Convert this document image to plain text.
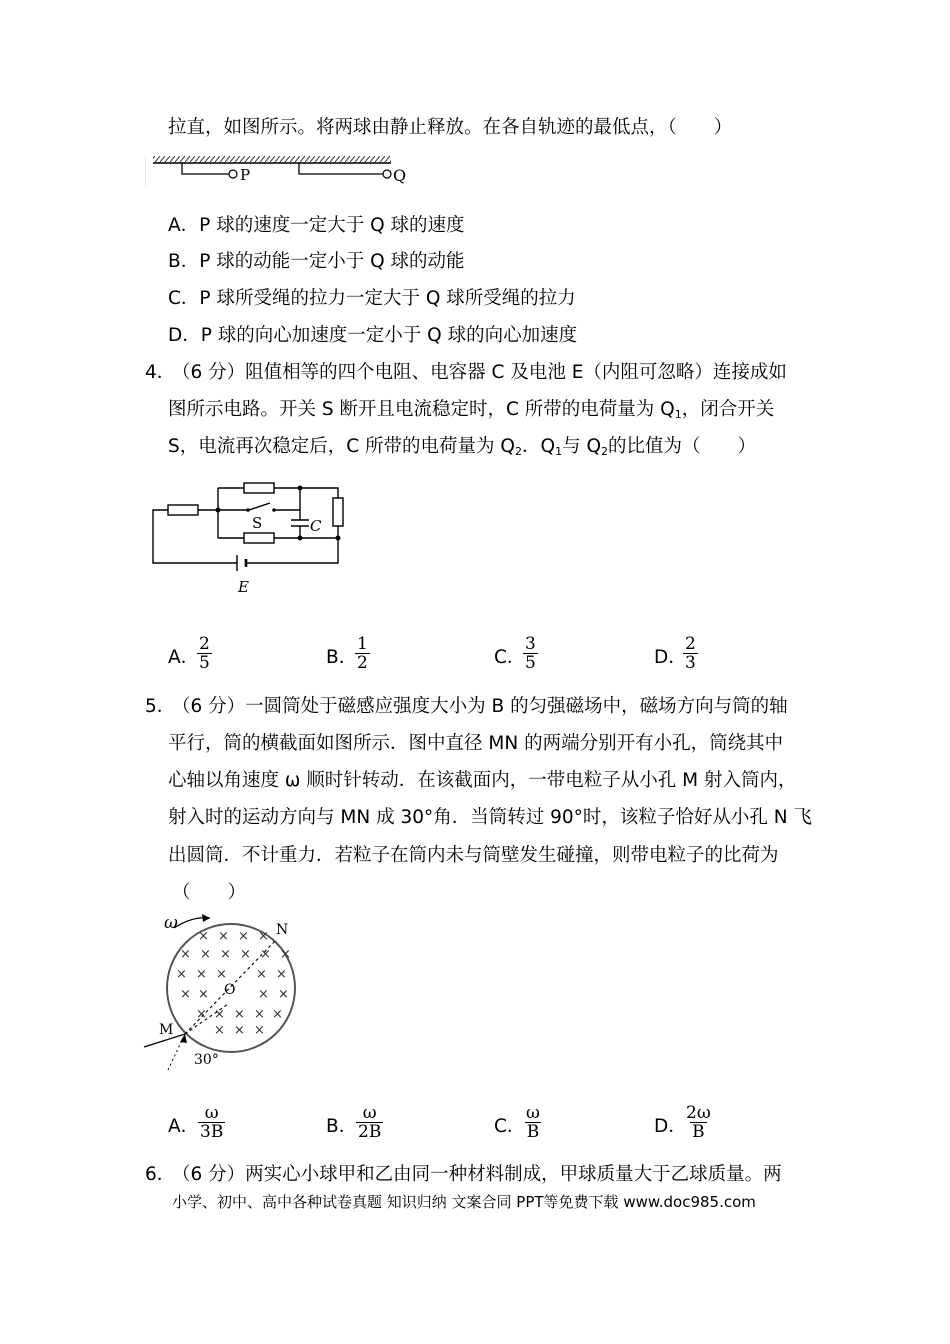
拉直，如图所示。将两球由静止释放。在各自轨迹的最低点，（　　）
P	Q
A．P 球的速度一定大于 Q 球的速度
B．P 球的动能一定小于 Q 球的动能
C．P 球所受绳的拉力一定大于 Q 球所受绳的拉力
D．P 球的向心加速度一定小于 Q 球的向心加速度
4．
（6 分）阻值相等的四个电阻、电容器 C 及电池 E（内阻可忽略）连接成如
图所示电路。开关 S 断开且电流稳定时，C 所带的电荷量为 Q1，闭合开关
S，电流再次稳定后，C 所带的电荷量为 Q2．Q1与 Q2的比值为（　　）
S	C
E
A．
$\frac{2}{5}$	B．
$\frac{1}{2}$	C．
$\frac{3}{5}$	D．
$\frac{2}{3}$
5．
（6 分）一圆筒处于磁感应强度大小为 B 的匀强磁场中，磁场方向与筒的轴
平行，筒的横截面如图所示．图中直径 MN 的两端分别开有小孔，筒绕其中
心轴以角速度 ω 顺时针转动．在该截面内，一带电粒子从小孔 M 射入筒内，
射入时的运动方向与 MN 成 30°角．当筒转过 90°时，该粒子恰好从小孔 N 飞
出圆筒．不计重力．若粒子在筒内未与筒壁发生碰撞，则带电粒子的比荷为
（　　）
ω	N
× × × ×
× × × × × ×
× × × × ×
× ×	× ×
× × × × ×
× × ×
M
O
30°
A．
$\frac{\omega}{3B}$	B．
$\frac{\omega}{2B}$	C．
$\frac{\omega}{B}$	D．
$\frac{2\omega}{B}$
6．
（6 分）两实心小球甲和乙由同一种材料制成，甲球质量大于乙球质量。两
小学、初中、高中各种试卷真题 知识归纳 文案合同 PPT等免费下载 www.doc985.com
